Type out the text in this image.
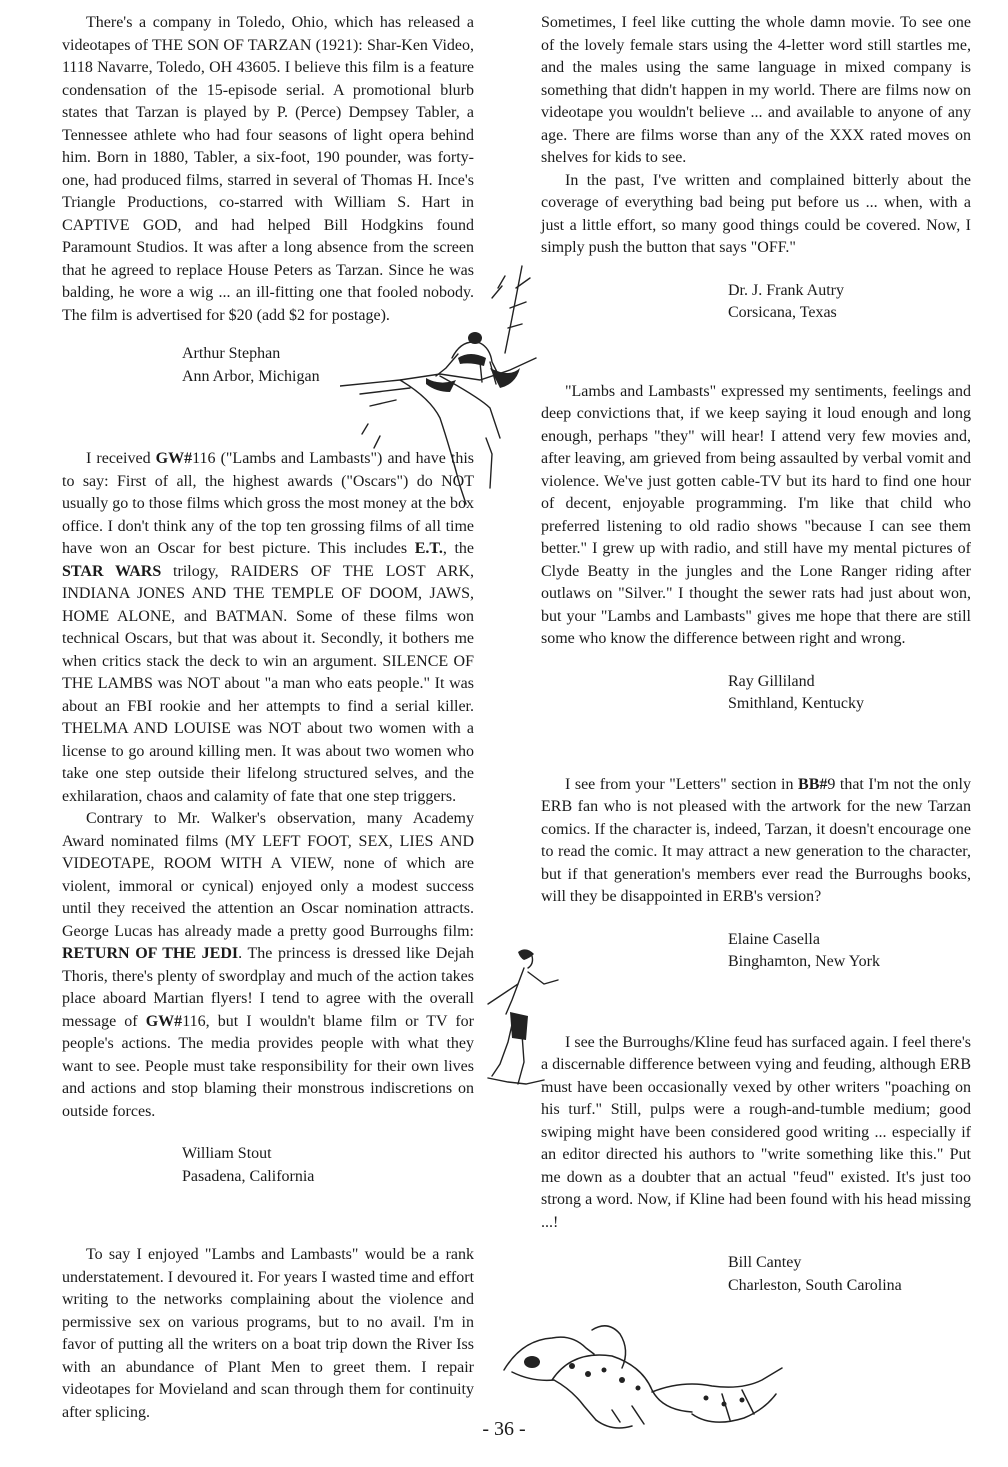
There's a company in Toledo, Ohio, which has released a videotapes of THE SON OF TARZAN (1921): Shar-Ken Video, 1118 Navarre, Toledo, OH 43605. I believe this film is a feature condensation of the 15-episode serial. A promotional blurb states that Tarzan is played by P. (Perce) Dempsey Tabler, a Tennessee athlete who had four seasons of light opera behind him. Born in 1880, Tabler, a six-foot, 190 pounder, was forty-one, had produced films, starred in several of Thomas H. Ince's Triangle Productions, co-starred with William S. Hart in CAPTIVE GOD, and had helped Bill Hodgkins found Paramount Studios. It was after a long absence from the screen that he agreed to replace House Peters as Tarzan. Since he was balding, he wore a wig ... an ill-fitting one that fooled nobody. The film is advertised for $20 (add $2 for postage).

Arthur Stephan
Ann Arbor, Michigan

I received GW#116 ("Lambs and Lambasts") and have this to say: First of all, the highest awards ("Oscars") do NOT usually go to those films which gross the most money at the box office. I don't think any of the top ten grossing films of all time have won an Oscar for best picture. This includes E.T., the STAR WARS trilogy, RAIDERS OF THE LOST ARK, INDIANA JONES AND THE TEMPLE OF DOOM, JAWS, HOME ALONE, and BATMAN. Some of these films won technical Oscars, but that was about it. Secondly, it bothers me when critics stack the deck to win an argument. SILENCE OF THE LAMBS was NOT about "a man who eats people." It was about an FBI rookie and her attempts to find a serial killer. THELMA AND LOUISE was NOT about two women with a license to go around killing men. It was about two women who take one step outside their lifelong structured selves, and the exhilaration, chaos and calamity of fate that one step triggers.

Contrary to Mr. Walker's observation, many Academy Award nominated films (MY LEFT FOOT, SEX, LIES AND VIDEOTAPE, ROOM WITH A VIEW, none of which are violent, immoral or cynical) enjoyed only a modest success until they received the attention an Oscar nomination attracts. George Lucas has already made a pretty good Burroughs film: RETURN OF THE JEDI. The princess is dressed like Dejah Thoris, there's plenty of swordplay and much of the action takes place aboard Martian flyers! I tend to agree with the overall message of GW#116, but I wouldn't blame film or TV for people's actions. The media provides people with what they want to see. People must take responsibility for their own lives and actions and stop blaming their monstrous indiscretions on outside forces.

William Stout
Pasadena, California

To say I enjoyed "Lambs and Lambasts" would be a rank understatement. I devoured it. For years I wasted time and effort writing to the networks complaining about the violence and permissive sex on various programs, but to no avail. I'm in favor of putting all the writers on a boat trip down the River Iss with an abundance of Plant Men to greet them. I repair videotapes for Movieland and scan through them for continuity after splicing.

Sometimes, I feel like cutting the whole damn movie. To see one of the lovely female stars using the 4-letter word still startles me, and the males using the same language in mixed company is something that didn't happen in my world. There are films now on videotape you wouldn't believe ... and available to anyone of any age. There are films worse than any of the XXX rated moves on shelves for kids to see.

In the past, I've written and complained bitterly about the coverage of everything bad being put before us ... when, with a just a little effort, so many good things could be covered. Now, I simply push the button that says "OFF."

Dr. J. Frank Autry
Corsicana, Texas

"Lambs and Lambasts" expressed my sentiments, feelings and deep convictions that, if we keep saying it loud enough and long enough, perhaps "they" will hear! I attend very few movies and, after leaving, am grieved from being assaulted by verbal vomit and violence. We've just gotten cable-TV but its hard to find one hour of decent, enjoyable programming. I'm like that child who preferred listening to old radio shows "because I can see them better." I grew up with radio, and still have my mental pictures of Clyde Beatty in the jungles and the Lone Ranger riding after outlaws on "Silver." I thought the sewer rats had just about won, but your "Lambs and Lambasts" gives me hope that there are still some who know the difference between right and wrong.

Ray Gilliland
Smithland, Kentucky

I see from your "Letters" section in BB#9 that I'm not the only ERB fan who is not pleased with the artwork for the new Tarzan comics. If the character is, indeed, Tarzan, it doesn't encourage one to read the comic. It may attract a new generation to the character, but if that generation's members ever read the Burroughs books, will they be disappointed in ERB's version?

Elaine Casella
Binghamton, New York

I see the Burroughs/Kline feud has surfaced again. I feel there's a discernable difference between vying and feuding, although ERB must have been occasionally vexed by other writers "poaching on his turf." Still, pulps were a rough-and-tumble medium; good swiping might have been considered good writing ... especially if an editor directed his authors to "write something like this." Put me down as a doubter that an actual "feud" existed. It's just too strong a word. Now, if Kline had been found with his head missing ...!

Bill Cantey
Charleston, South Carolina
- 36 -
